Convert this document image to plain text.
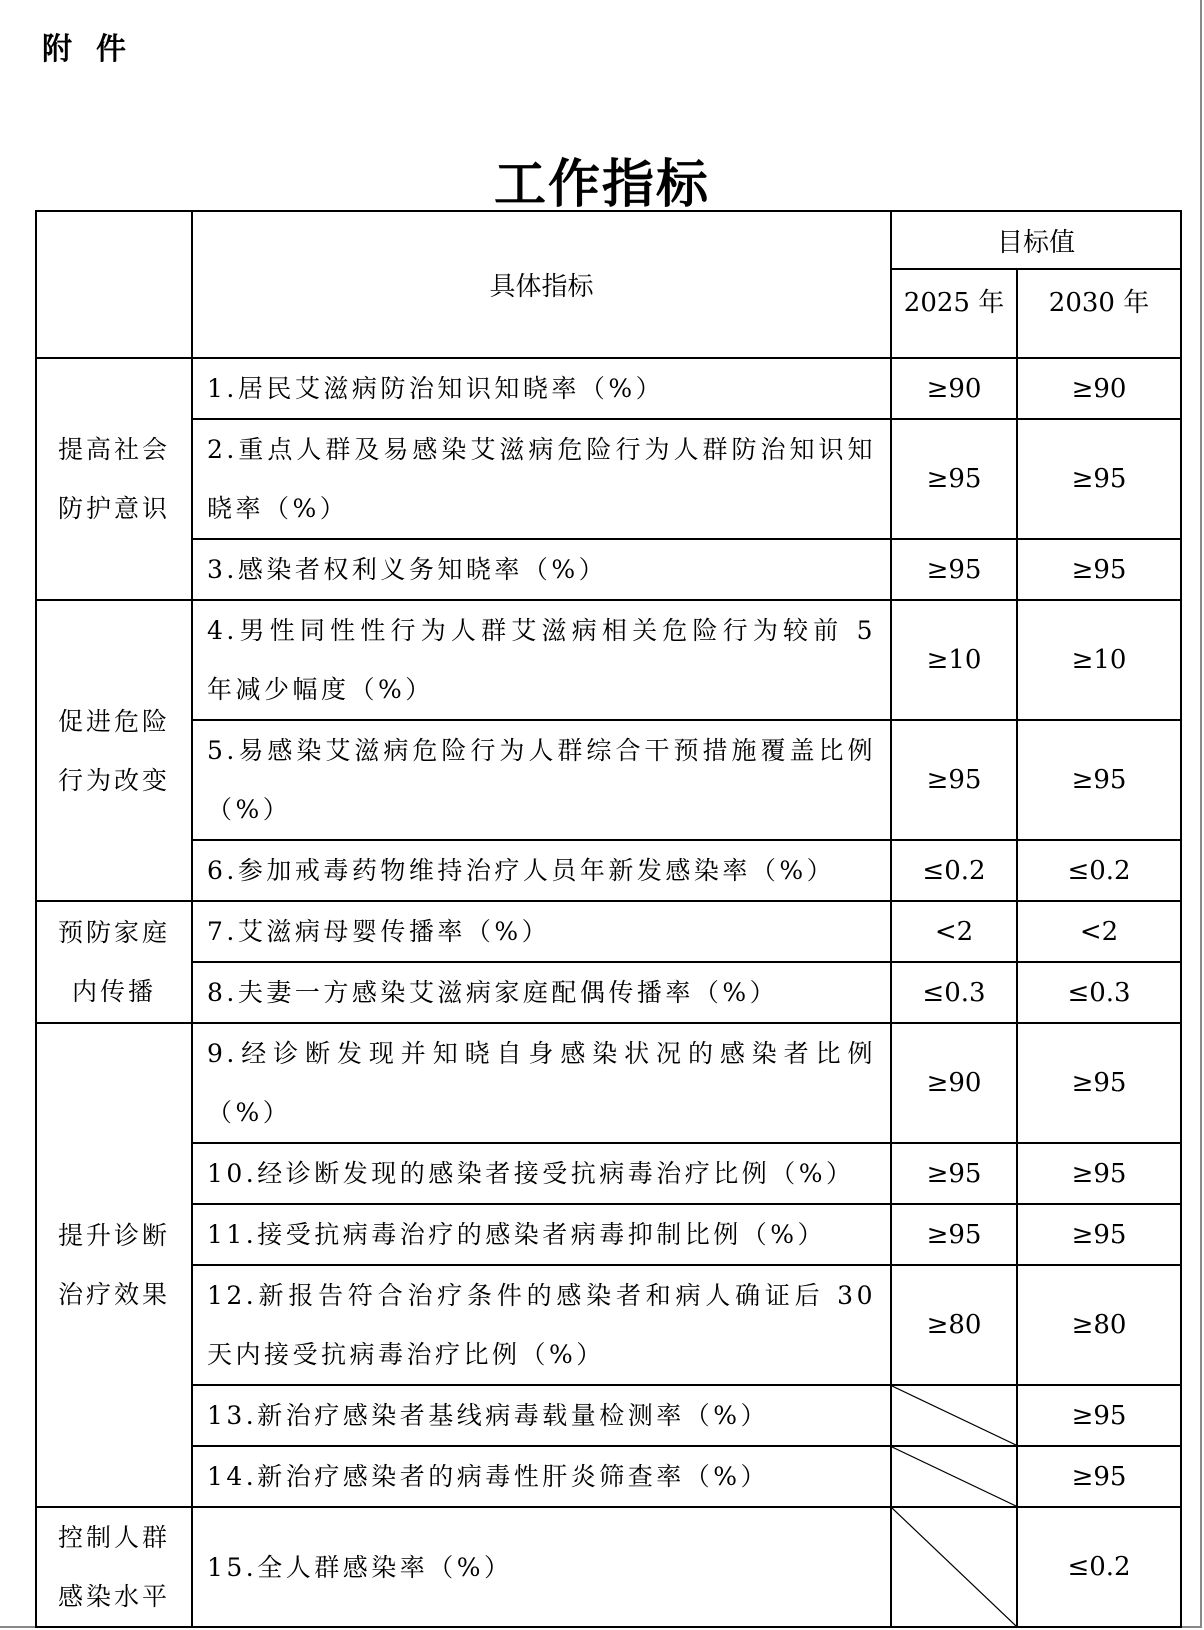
附件
工作指标
	具体指标	目标值	
		2025 年	2030 年

提高社会
防护意识	1.居民艾滋病防治知识知晓率（%）	≥90	≥90
	2.重点人群及易感染艾滋病危险行为人群防治知识知晓率（%）	≥95	≥95
	3.感染者权利义务知晓率（%）	≥95	≥95

促进危险
行为改变	4.男性同性性行为人群艾滋病相关危险行为较前 5 年减少幅度（%）	≥10	≥10
	5.易感染艾滋病危险行为人群综合干预措施覆盖比例（%）	≥95	≥95
	6.参加戒毒药物维持治疗人员年新发感染率（%）	≤0.2	≤0.2

预防家庭
内传播	7.艾滋病母婴传播率（%）	<2	<2
	8.夫妻一方感染艾滋病家庭配偶传播率（%）	≤0.3	≤0.3

提升诊断
治疗效果	9.经诊断发现并知晓自身感染状况的感染者比例（%）	≥90	≥95
	10.经诊断发现的感染者接受抗病毒治疗比例（%）	≥95	≥95
	11.接受抗病毒治疗的感染者病毒抑制比例（%）	≥95	≥95
	12.新报告符合治疗条件的感染者和病人确证后 30 天内接受抗病毒治疗比例（%）	≥80	≥80
	13.新治疗感染者基线病毒载量检测率（%）		≥95
	14.新治疗感染者的病毒性肝炎筛查率（%）		≥95

控制人群
感染水平	15.全人群感染率（%）		≤0.2
